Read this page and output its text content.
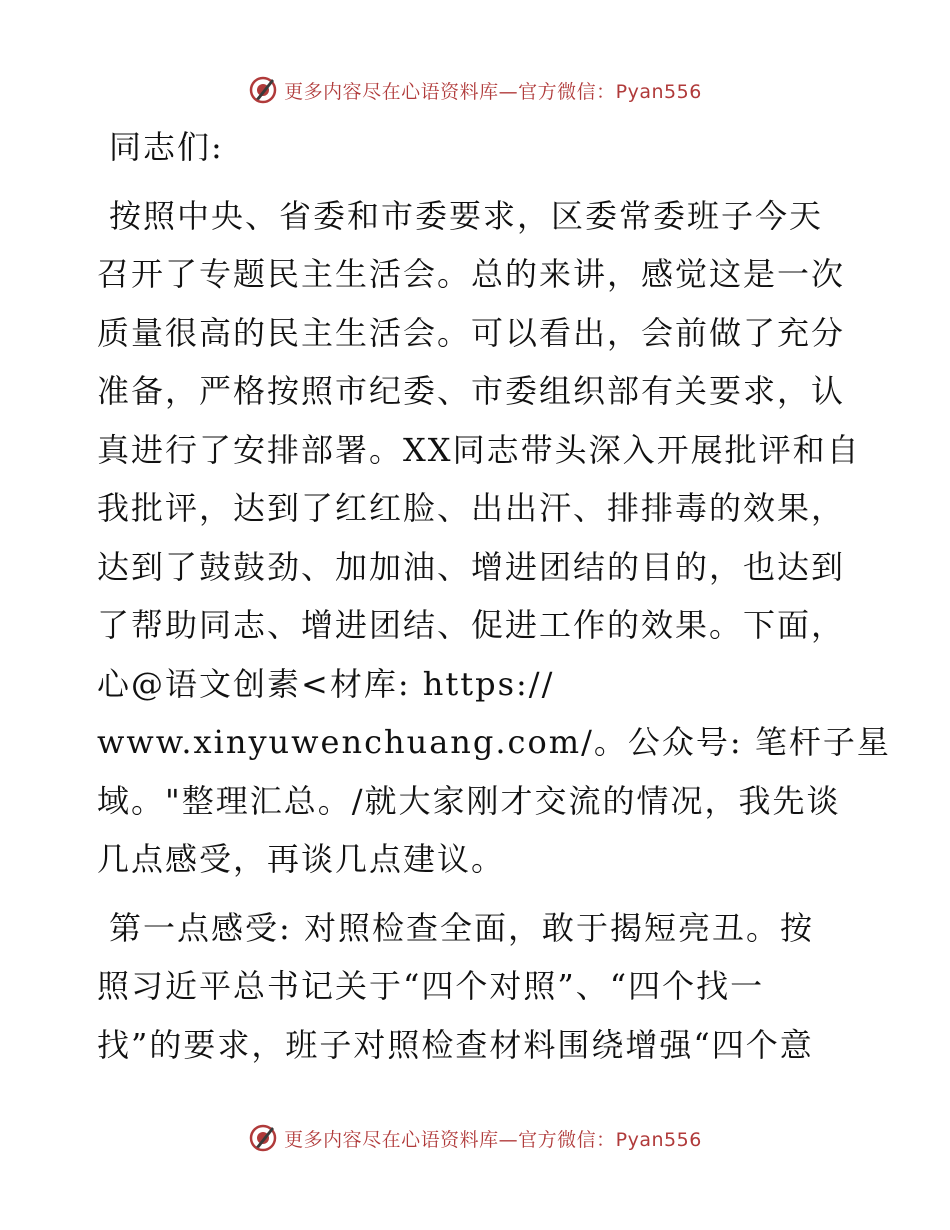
更多内容尽在心语资料库—官方微信：Pyan556

同志们:

按照中央、省委和市委要求，区委常委班子今天
召开了专题民主生活会。总的来讲，感觉这是一次
质量很高的民主生活会。可以看出，会前做了充分
准备，严格按照市纪委、市委组织部有关要求，认
真进行了安排部署。XX同志带头深入开展批评和自
我批评，达到了红红脸、出出汗、排排毒的效果，
达到了鼓鼓劲、加加油、增进团结的目的，也达到
了帮助同志、增进团结、促进工作的效果。下面，
心@语文创素<材库: https://
www.xinyuwenchuang.com/。公众号: 笔杆子星
域。"整理汇总。/就大家刚才交流的情况，我先谈
几点感受，再谈几点建议。

第一点感受: 对照检查全面，敢于揭短亮丑。按
照习近平总书记关于“四个对照”、“四个找一
找”的要求，班子对照检查材料围绕增强“四个意

更多内容尽在心语资料库—官方微信：Pyan556
